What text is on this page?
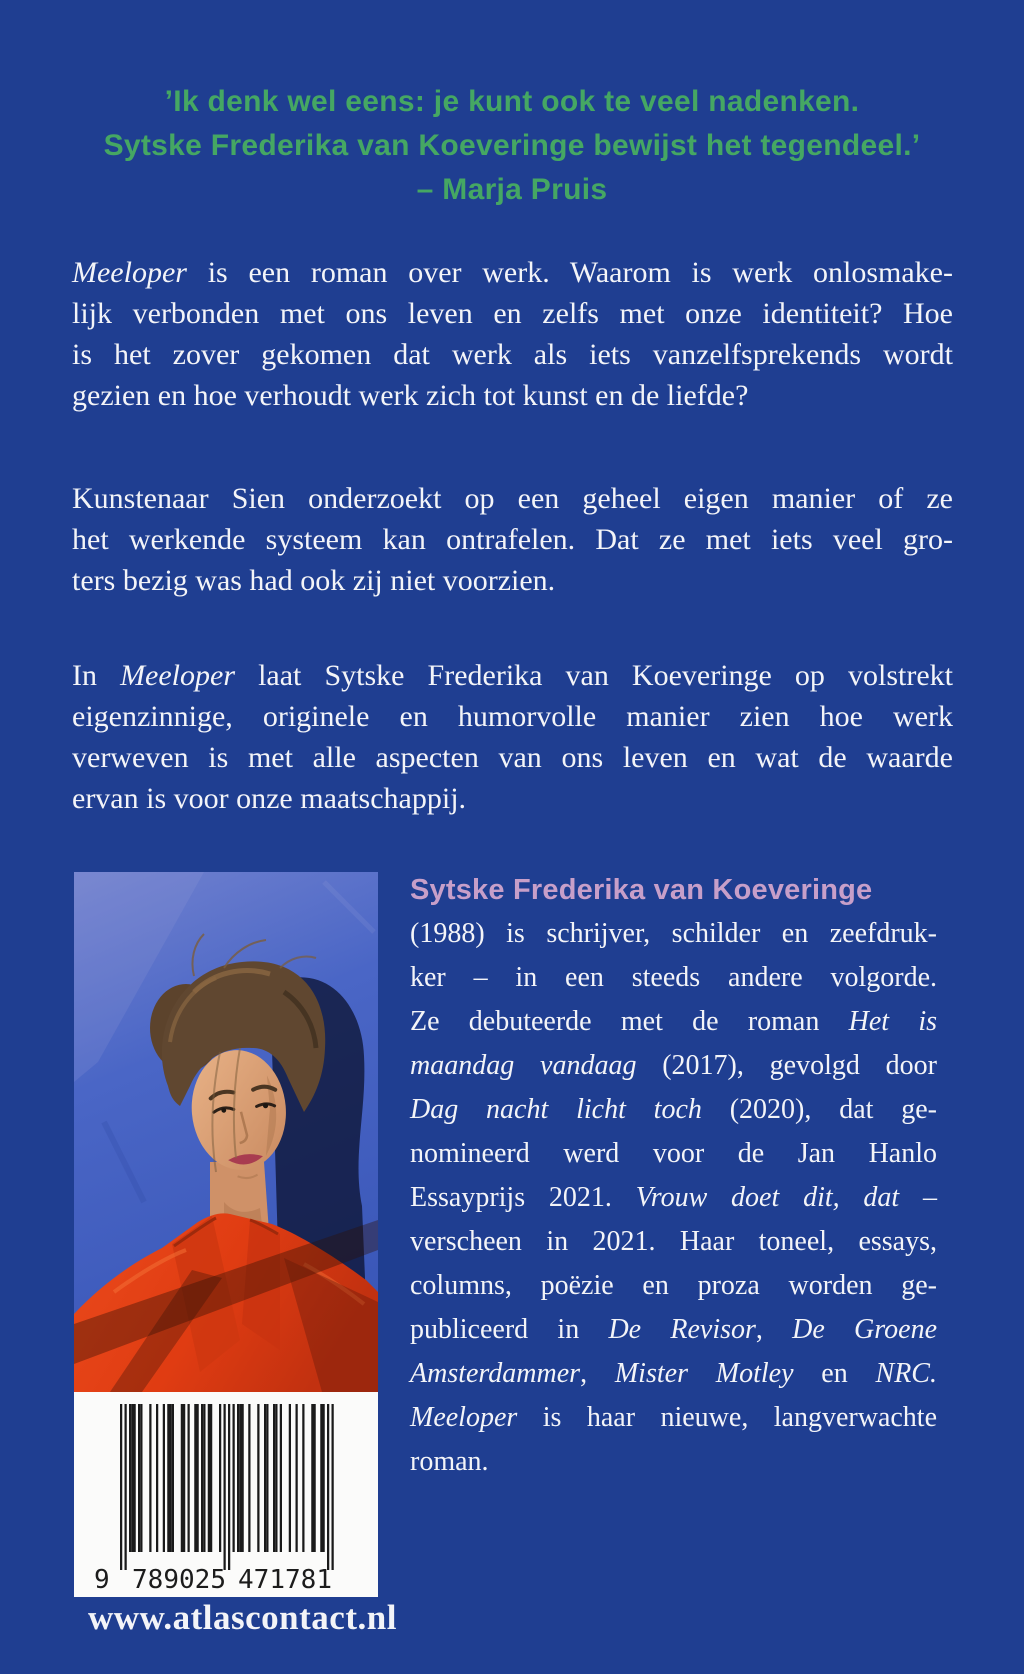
’Ik denk wel eens: je kunt ook te veel nadenken.
Sytske Frederika van Koeveringe bewijst het tegendeel.’
– Marja Pruis
Meeloper is een roman over werk. Waarom is werk onlosmake-
lijk verbonden met ons leven en zelfs met onze identiteit? Hoe
is het zover gekomen dat werk als iets vanzelfsprekends wordt
gezien en hoe verhoudt werk zich tot kunst en de liefde?
Kunstenaar Sien onderzoekt op een geheel eigen manier of ze
het werkende systeem kan ontrafelen. Dat ze met iets veel gro-
ters bezig was had ook zij niet voorzien.
In Meeloper laat Sytske Frederika van Koeveringe op volstrekt
eigenzinnige, originele en humorvolle manier zien hoe werk
verweven is met alle aspecten van ons leven en wat de waarde
ervan is voor onze maatschappij.
Sytske Frederika van Koeveringe
(1988) is schrijver, schilder en zeefdruk-
ker – in een steeds andere volgorde.
Ze debuteerde met de roman Het is
maandag vandaag (2017), gevolgd door
Dag nacht licht toch (2020), dat ge-
nomineerd werd voor de Jan Hanlo
Essayprijs 2021. Vrouw doet dit, dat –
verscheen in 2021. Haar toneel, essays,
columns, poëzie en proza worden ge-
publiceerd in De Revisor, De Groene
Amsterdammer, Mister Motley en NRC.
Meeloper is haar nieuwe, langverwachte
roman.
9 789025 471781
www.atlascontact.nl
